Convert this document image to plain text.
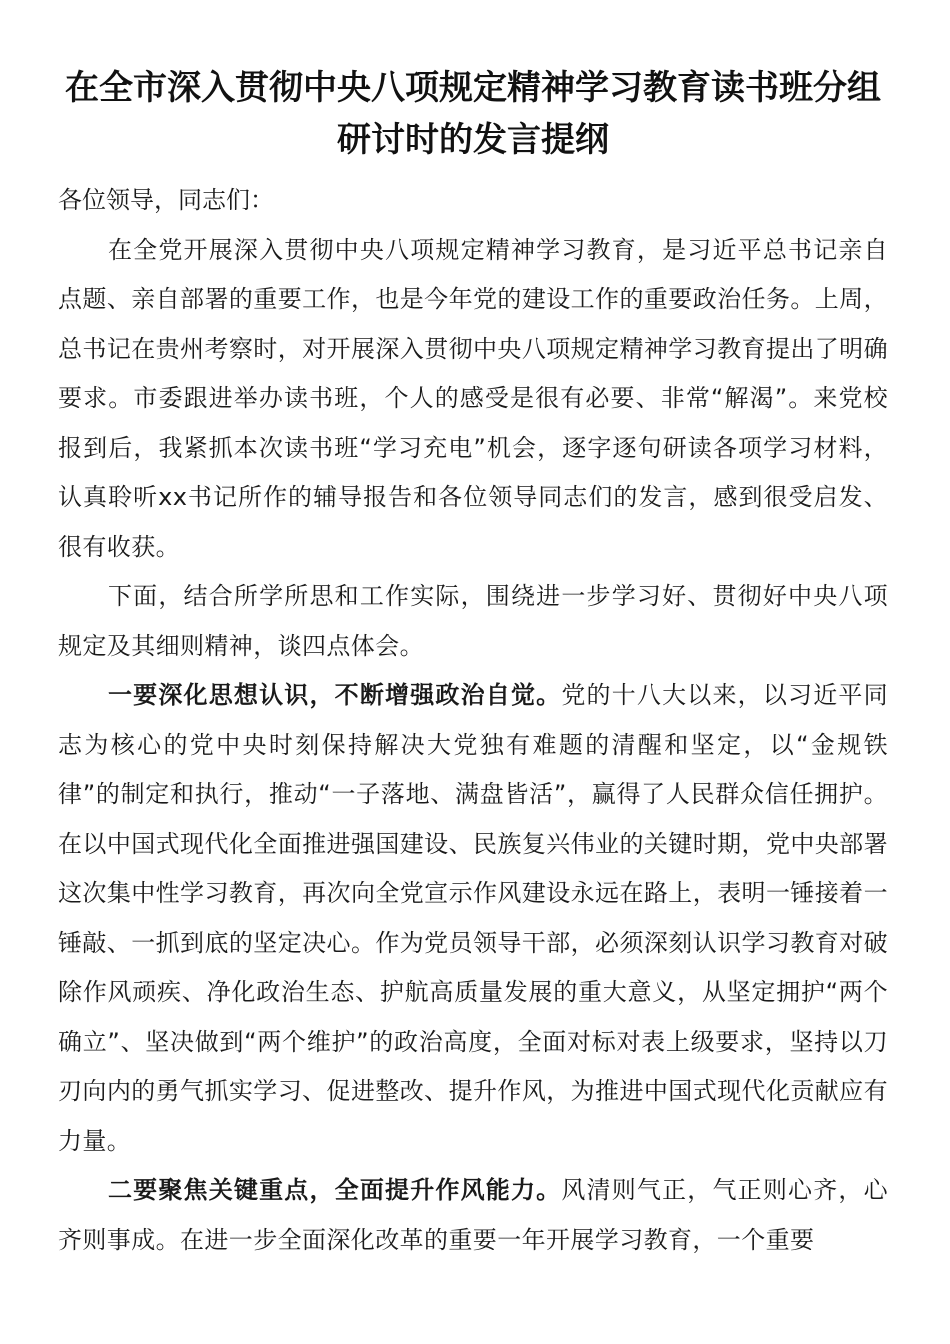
在全市深入贯彻中央八项规定精神学习教育读书班分组研讨时的发言提纲

各位领导，同志们：

在全党开展深入贯彻中央八项规定精神学习教育，是习近平总书记亲自点题、亲自部署的重要工作，也是今年党的建设工作的重要政治任务。上周，总书记在贵州考察时，对开展深入贯彻中央八项规定精神学习教育提出了明确要求。市委跟进举办读书班，个人的感受是很有必要、非常“解渴”。来党校报到后，我紧抓本次读书班“学习充电”机会，逐字逐句研读各项学习材料，认真聆听xx书记所作的辅导报告和各位领导同志们的发言，感到很受启发、很有收获。

下面，结合所学所思和工作实际，围绕进一步学习好、贯彻好中央八项规定及其细则精神，谈四点体会。

一要深化思想认识，不断增强政治自觉。党的十八大以来，以习近平同志为核心的党中央时刻保持解决大党独有难题的清醒和坚定，以“金规铁律”的制定和执行，推动“一子落地、满盘皆活”，赢得了人民群众信任拥护。在以中国式现代化全面推进强国建设、民族复兴伟业的关键时期，党中央部署这次集中性学习教育，再次向全党宣示作风建设永远在路上，表明一锤接着一锤敲、一抓到底的坚定决心。作为党员领导干部，必须深刻认识学习教育对破除作风顽疾、净化政治生态、护航高质量发展的重大意义，从坚定拥护“两个确立”、坚决做到“两个维护”的政治高度，全面对标对表上级要求，坚持以刀刃向内的勇气抓实学习、促进整改、提升作风，为推进中国式现代化贡献应有力量。

二要聚焦关键重点，全面提升作风能力。风清则气正，气正则心齐，心齐则事成。在进一步全面深化改革的重要一年开展学习教育，一个重要
